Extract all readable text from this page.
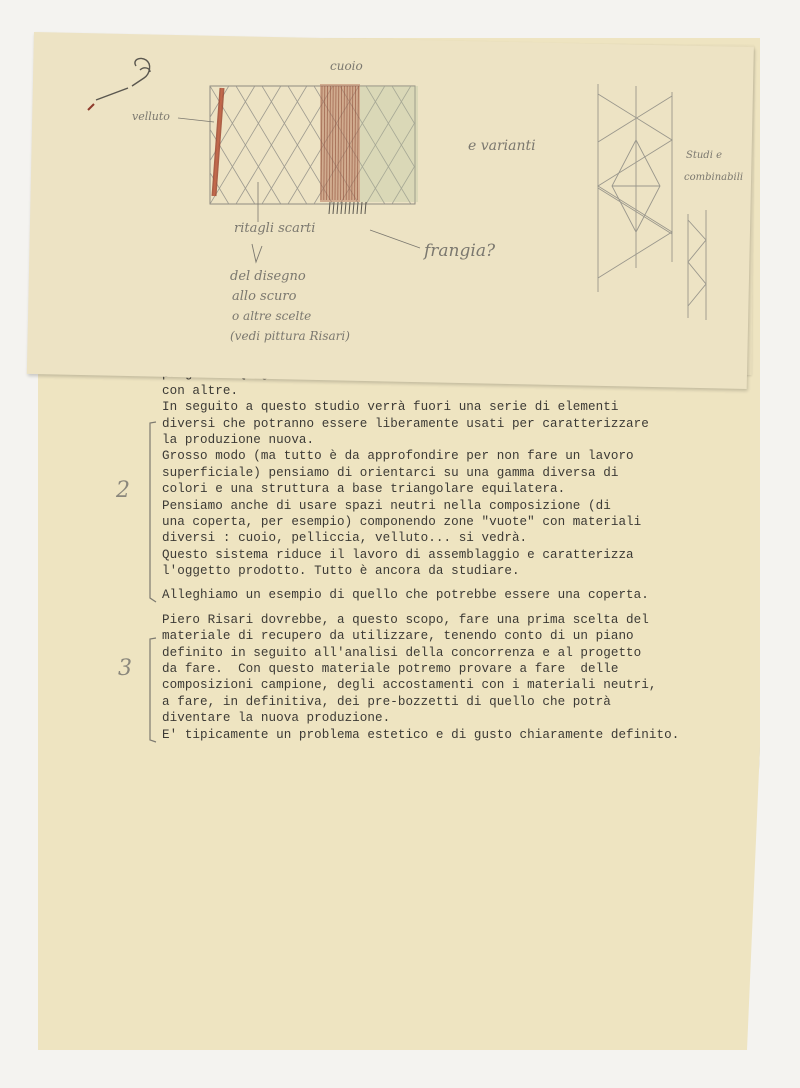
con altre.
In seguito a questo studio verrà fuori una serie di elementi
diversi che potranno essere liberamente usati per caratterizzare
la produzione nuova.
Grosso modo (ma tutto è da approfondire per non fare un lavoro
superficiale) pensiamo di orientarci su una gamma diversa di
colori e una struttura a base triangolare equilatera.
Pensiamo anche di usare spazi neutri nella composizione (di
una coperta, per esempio) componendo zone "vuote" con materiali
diversi : cuoio, pelliccia, velluto... si vedrà.
Questo sistema riduce il lavoro di assemblaggio e caratterizza
l'oggetto prodotto. Tutto è ancora da studiare.
Alleghiamo un esempio di quello che potrebbe essere una coperta.
Piero Risari dovrebbe, a questo scopo, fare una prima scelta del
materiale di recupero da utilizzare, tenendo conto di un piano
definito in seguito all'analisi della concorrenza e al progetto
da fare.  Con questo materiale potremo provare a fare  delle
composizioni campione, degli accostamenti con i materiali neutri,
a fare, in definitiva, dei pre-bozzetti di quello che potrà
diventare la nuova produzione.
E' tipicamente un problema estetico e di gusto chiaramente definito.
2
3
cuoio
velluto
e varianti
Studi e
combinabili
ritagli scarti
frangia?
del disegno
allo scuro
o altre scelte
(vedi pittura Risari)
